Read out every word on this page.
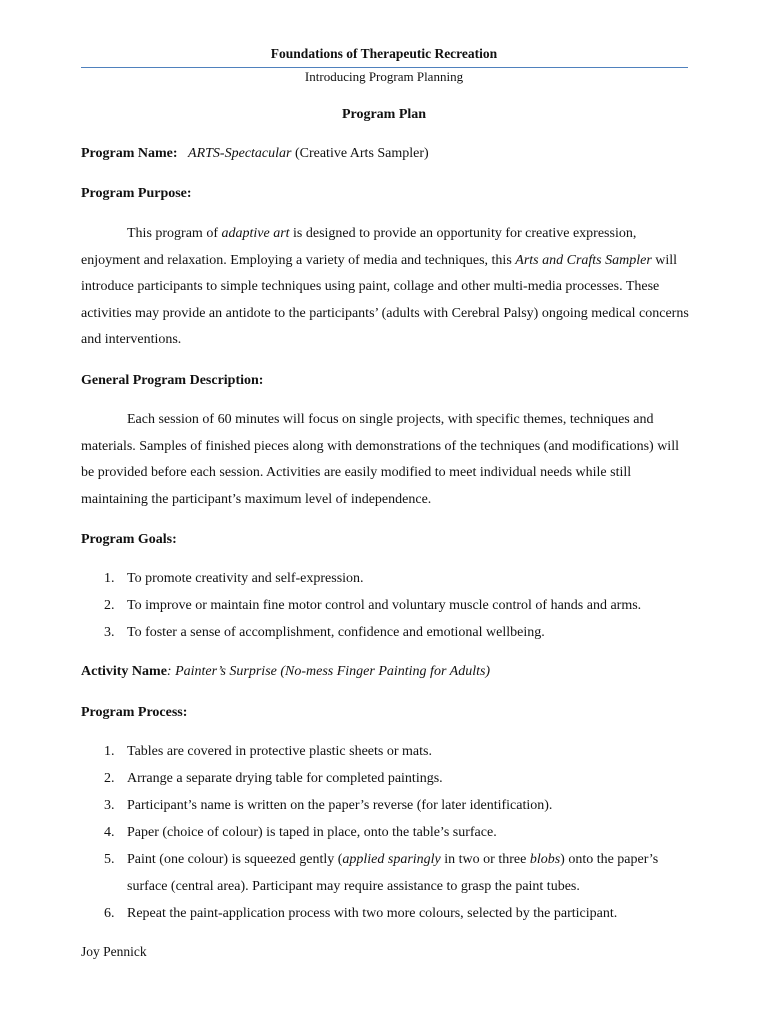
Foundations of Therapeutic Recreation
Introducing Program Planning
Program Plan
Program Name: ARTS-Spectacular (Creative Arts Sampler)
Program Purpose:

This program of adaptive art is designed to provide an opportunity for creative expression, enjoyment and relaxation. Employing a variety of media and techniques, this Arts and Crafts Sampler will introduce participants to simple techniques using paint, collage and other multi-media processes. These activities may provide an antidote to the participants’ (adults with Cerebral Palsy) ongoing medical concerns and interventions.

General Program Description:

Each session of 60 minutes will focus on single projects, with specific themes, techniques and materials. Samples of finished pieces along with demonstrations of the techniques (and modifications) will be provided before each session. Activities are easily modified to meet individual needs while still maintaining the participant’s maximum level of independence.

Program Goals:
1. To promote creativity and self-expression.
2. To improve or maintain fine motor control and voluntary muscle control of hands and arms.
3. To foster a sense of accomplishment, confidence and emotional wellbeing.
Activity Name: Painter’s Surprise (No-mess Finger Painting for Adults)
Program Process:
1. Tables are covered in protective plastic sheets or mats.
2. Arrange a separate drying table for completed paintings.
3. Participant’s name is written on the paper’s reverse (for later identification).
4. Paper (choice of colour) is taped in place, onto the table’s surface.
5. Paint (one colour) is squeezed gently (applied sparingly in two or three blobs) onto the paper’s surface (central area). Participant may require assistance to grasp the paint tubes.
6. Repeat the paint-application process with two more colours, selected by the participant.
Joy Pennick
